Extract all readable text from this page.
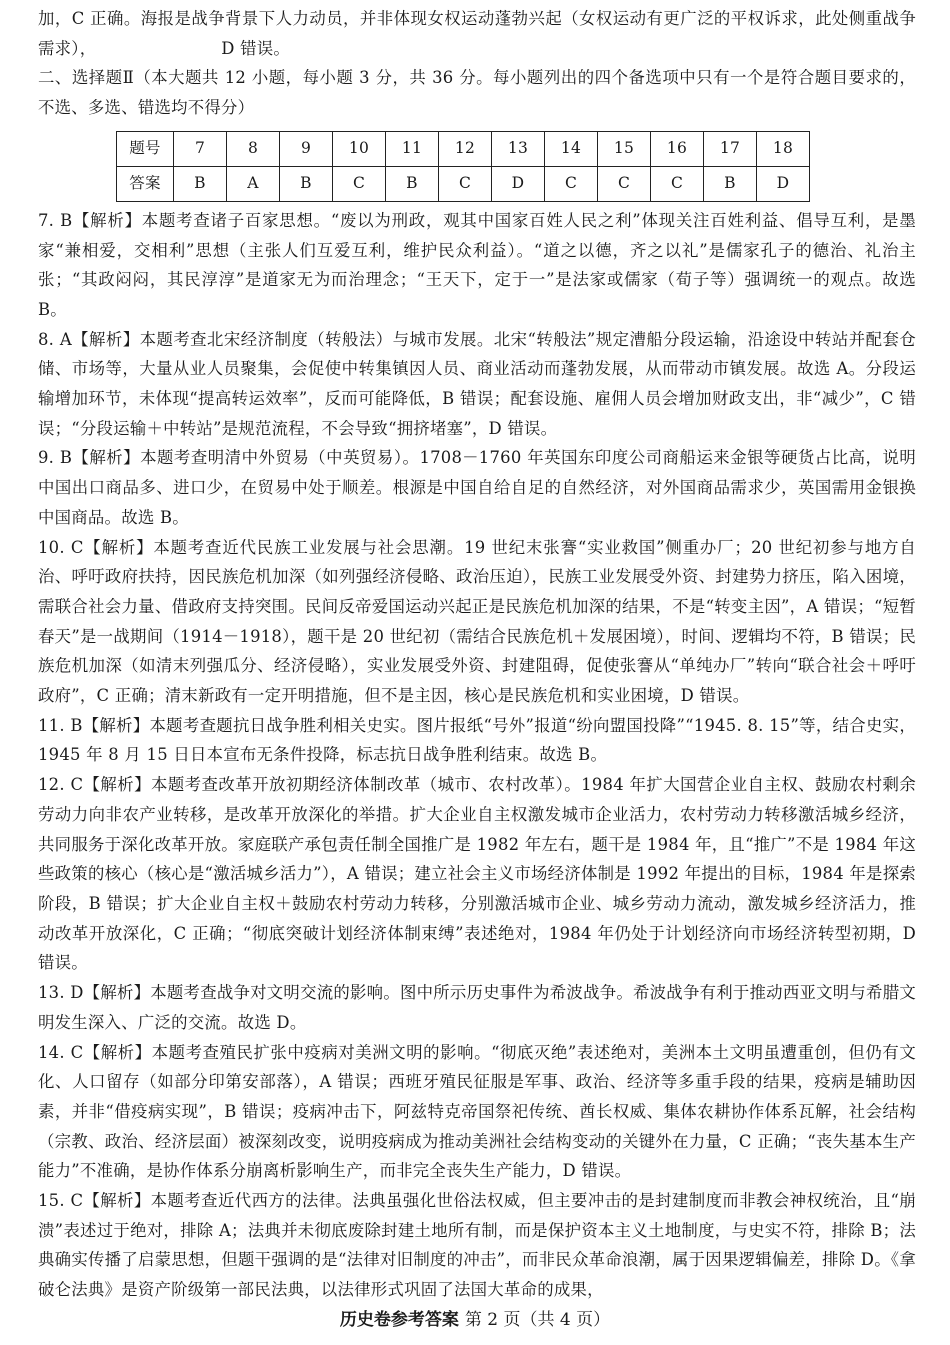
加，C 正确。海报是战争背景下人力动员，并非体现女权运动蓬勃兴起（女权运动有更广泛的平权诉求，此处侧重战争需求），　　　　　　　　D 错误。

二、选择题Ⅱ（本大题共 12 小题，每小题 3 分，共 36 分。每小题列出的四个备选项中只有一个是符合题目要求的，不选、多选、错选均不得分）

题号	7	8	9	10	11	12	13	14	15	16	17	18
答案	B	A	B	C	B	C	D	C	C	C	B	D

7. B【解析】本题考查诸子百家思想。“废以为刑政，观其中国家百姓人民之利”体现关注百姓利益、倡导互利，是墨家“兼相爱，交相利”思想（主张人们互爱互利，维护民众利益）。“道之以德，齐之以礼”是儒家孔子的德治、礼治主张；“其政闷闷，其民淳淳”是道家无为而治理念；“王天下，定于一”是法家或儒家（荀子等）强调统一的观点。故选 B。

8. A【解析】本题考查北宋经济制度（转般法）与城市发展。北宋“转般法”规定漕船分段运输，沿途设中转站并配套仓储、市场等，大量从业人员聚集，会促使中转集镇因人员、商业活动而蓬勃发展，从而带动市镇发展。故选 A。分段运输增加环节，未体现“提高转运效率”，反而可能降低，B 错误；配套设施、雇佣人员会增加财政支出，非“减少”，C 错误；“分段运输＋中转站”是规范流程，不会导致“拥挤堵塞”，D 错误。

9. B【解析】本题考查明清中外贸易（中英贸易）。1708－1760 年英国东印度公司商船运来金银等硬货占比高，说明中国出口商品多、进口少，在贸易中处于顺差。根源是中国自给自足的自然经济，对外国商品需求少，英国需用金银换中国商品。故选 B。

10. C【解析】本题考查近代民族工业发展与社会思潮。19 世纪末张謇“实业救国”侧重办厂；20 世纪初参与地方自治、呼吁政府扶持，因民族危机加深（如列强经济侵略、政治压迫），民族工业发展受外资、封建势力挤压，陷入困境，需联合社会力量、借政府支持突围。民间反帝爱国运动兴起正是民族危机加深的结果，不是“转变主因”，A 错误；“短暂春天”是一战期间（1914－1918），题干是 20 世纪初（需结合民族危机＋发展困境），时间、逻辑均不符，B 错误；民族危机加深（如清末列强瓜分、经济侵略），实业发展受外资、封建阻碍，促使张謇从“单纯办厂”转向“联合社会＋呼吁政府”，C 正确；清末新政有一定开明措施，但不是主因，核心是民族危机和实业困境，D 错误。

11. B【解析】本题考查题抗日战争胜利相关史实。图片报纸“号外”报道“纷向盟国投降”“1945. 8. 15”等，结合史实，1945 年 8 月 15 日日本宣布无条件投降，标志抗日战争胜利结束。故选 B。

12. C【解析】本题考查改革开放初期经济体制改革（城市、农村改革）。1984 年扩大国营企业自主权、鼓励农村剩余劳动力向非农产业转移，是改革开放深化的举措。扩大企业自主权激发城市企业活力，农村劳动力转移激活城乡经济，共同服务于深化改革开放。家庭联产承包责任制全国推广是 1982 年左右，题干是 1984 年，且“推广”不是 1984 年这些政策的核心（核心是“激活城乡活力”），A 错误；建立社会主义市场经济体制是 1992 年提出的目标，1984 年是探索阶段，B 错误；扩大企业自主权＋鼓励农村劳动力转移，分别激活城市企业、城乡劳动力流动，激发城乡经济活力，推动改革开放深化，C 正确；“彻底突破计划经济体制束缚”表述绝对，1984 年仍处于计划经济向市场经济转型初期，D 错误。

13. D【解析】本题考查战争对文明交流的影响。图中所示历史事件为希波战争。希波战争有利于推动西亚文明与希腊文明发生深入、广泛的交流。故选 D。

14. C【解析】本题考查殖民扩张中疫病对美洲文明的影响。“彻底灭绝”表述绝对，美洲本土文明虽遭重创，但仍有文化、人口留存（如部分印第安部落），A 错误；西班牙殖民征服是军事、政治、经济等多重手段的结果，疫病是辅助因素，并非“借疫病实现”，B 错误；疫病冲击下，阿兹特克帝国祭祀传统、酋长权威、集体农耕协作体系瓦解，社会结构（宗教、政治、经济层面）被深刻改变，说明疫病成为推动美洲社会结构变动的关键外在力量，C 正确；“丧失基本生产能力”不准确，是协作体系分崩离析影响生产，而非完全丧失生产能力，D 错误。

15. C【解析】本题考查近代西方的法律。法典虽强化世俗法权威，但主要冲击的是封建制度而非教会神权统治，且“崩溃”表述过于绝对，排除 A；法典并未彻底废除封建土地所有制，而是保护资本主义土地制度，与史实不符，排除 B；法典确实传播了启蒙思想，但题干强调的是“法律对旧制度的冲击”，而非民众革命浪潮，属于因果逻辑偏差，排除 D。《拿破仑法典》是资产阶级第一部民法典，以法律形式巩固了法国大革命的成果，

历史卷参考答案 第 2 页（共 4 页）
